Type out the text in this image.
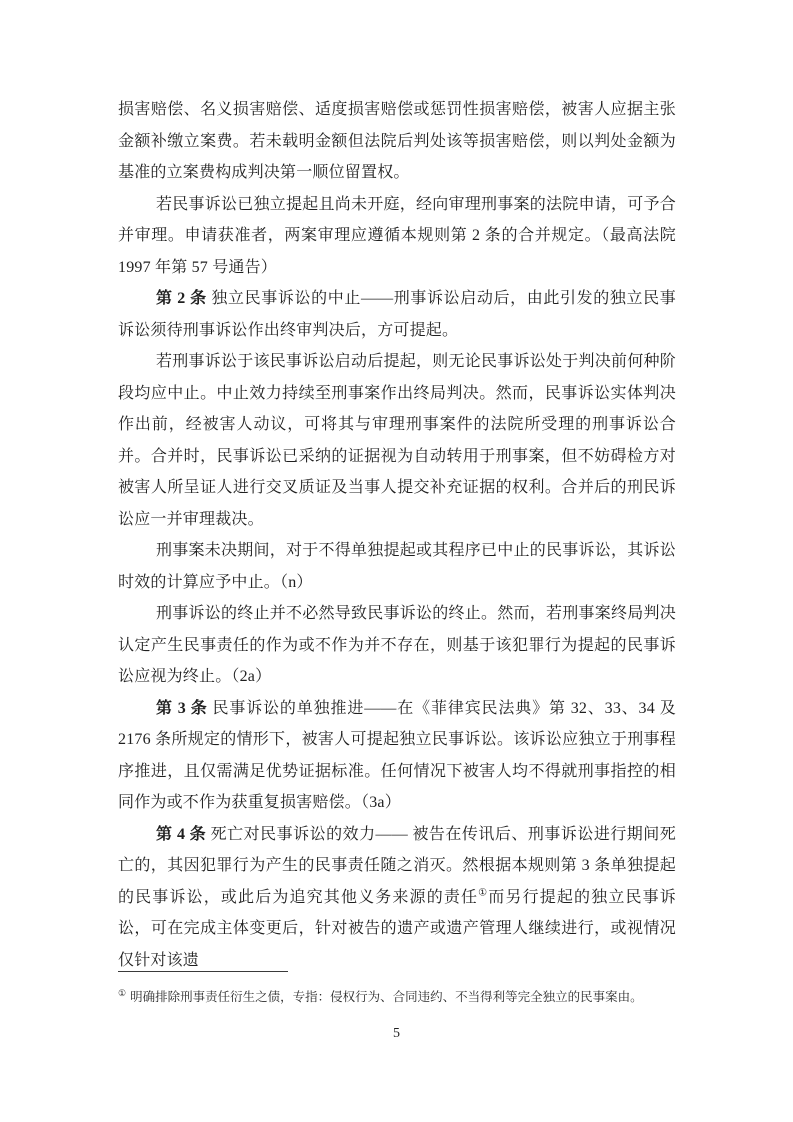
损害赔偿、名义损害赔偿、适度损害赔偿或惩罚性损害赔偿，被害人应据主张金额补缴立案费。若未载明金额但法院后判处该等损害赔偿，则以判处金额为基准的立案费构成判决第一顺位留置权。

若民事诉讼已独立提起且尚未开庭，经向审理刑事案的法院申请，可予合并审理。申请获准者，两案审理应遵循本规则第 2 条的合并规定。（最高法院 1997 年第 57 号通告）

第 2 条 独立民事诉讼的中止——刑事诉讼启动后，由此引发的独立民事诉讼须待刑事诉讼作出终审判决后，方可提起。

若刑事诉讼于该民事诉讼启动后提起，则无论民事诉讼处于判决前何种阶段均应中止。中止效力持续至刑事案作出终局判决。然而，民事诉讼实体判决作出前，经被害人动议，可将其与审理刑事案件的法院所受理的刑事诉讼合并。合并时，民事诉讼已采纳的证据视为自动转用于刑事案，但不妨碍检方对被害人所呈证人进行交叉质证及当事人提交补充证据的权利。合并后的刑民诉讼应一并审理裁决。

刑事案未决期间，对于不得单独提起或其程序已中止的民事诉讼，其诉讼时效的计算应予中止。（n）

刑事诉讼的终止并不必然导致民事诉讼的终止。然而，若刑事案终局判决认定产生民事责任的作为或不作为并不存在，则基于该犯罪行为提起的民事诉讼应视为终止。（2a）

第 3 条 民事诉讼的单独推进——在《菲律宾民法典》第 32、33、34 及 2176 条所规定的情形下，被害人可提起独立民事诉讼。该诉讼应独立于刑事程序推进，且仅需满足优势证据标准。任何情况下被害人均不得就刑事指控的相同作为或不作为获重复损害赔偿。（3a）

第 4 条 死亡对民事诉讼的效力—— 被告在传讯后、刑事诉讼进行期间死亡的，其因犯罪行为产生的民事责任随之消灭。然根据本规则第 3 条单独提起的民事诉讼，或此后为追究其他义务来源的责任①而另行提起的独立民事诉讼，可在完成主体变更后，针对被告的遗产或遗产管理人继续进行，或视情况仅针对该遗

① 明确排除刑事责任衍生之债，专指：侵权行为、合同违约、不当得利等完全独立的民事案由。
5
